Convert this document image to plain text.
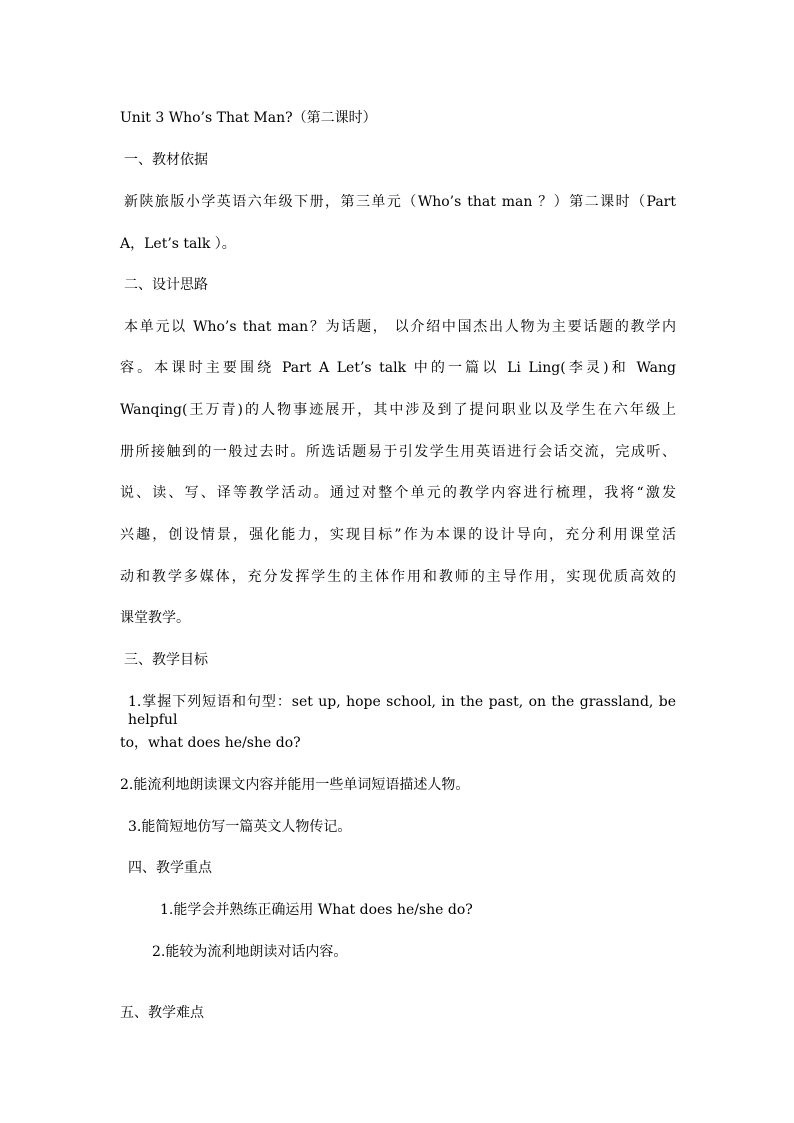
Unit 3 Who’s That Man?（第二课时）
一、教材依据
新陕旅版小学英语六年级下册，第三单元（Who’s that man ？）第二课时（Part
A，Let’s talk ）。
二、设计思路
本单元以 Who’s that man？为话题， 以介绍中国杰出人物为主要话题的教学内
容。本课时主要围绕 Part A Let’s talk 中的一篇以 Li Ling(李灵)和 Wang
Wanqing(王万青)的人物事迹展开，其中涉及到了提问职业以及学生在六年级上
册所接触到的一般过去时。所选话题易于引发学生用英语进行会话交流，完成听、
说、读、写、译等教学活动。通过对整个单元的教学内容进行梳理，我将“激发
兴趣，创设情景，强化能力，实现目标”作为本课的设计导向，充分利用课堂活
动和教学多媒体，充分发挥学生的主体作用和教师的主导作用，实现优质高效的
课堂教学。
三、教学目标
1.掌握下列短语和句型：set up, hope school, in the past, on the grassland, be helpful
to，what does he/she do?
2.能流利地朗读课文内容并能用一些单词短语描述人物。
3.能简短地仿写一篇英文人物传记。
四、教学重点
1.能学会并熟练正确运用 What does he/she do?
2.能较为流利地朗读对话内容。
五、教学难点
